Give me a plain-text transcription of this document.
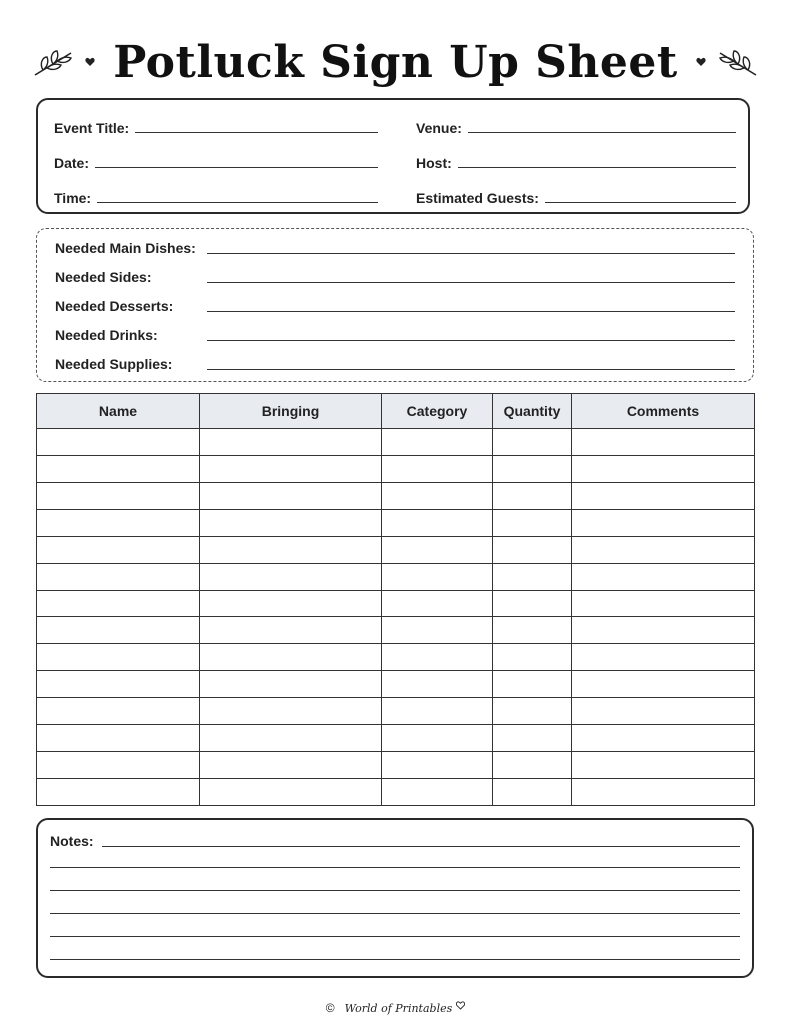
Potluck Sign Up Sheet
Event Title:
Date:
Time:
Venue:
Host:
Estimated Guests:
Needed Main Dishes:
Needed Sides:
Needed Desserts:
Needed Drinks:
Needed Supplies:
Name	Bringing	Category	Quantity	Comments

Notes:
© World of Printables
